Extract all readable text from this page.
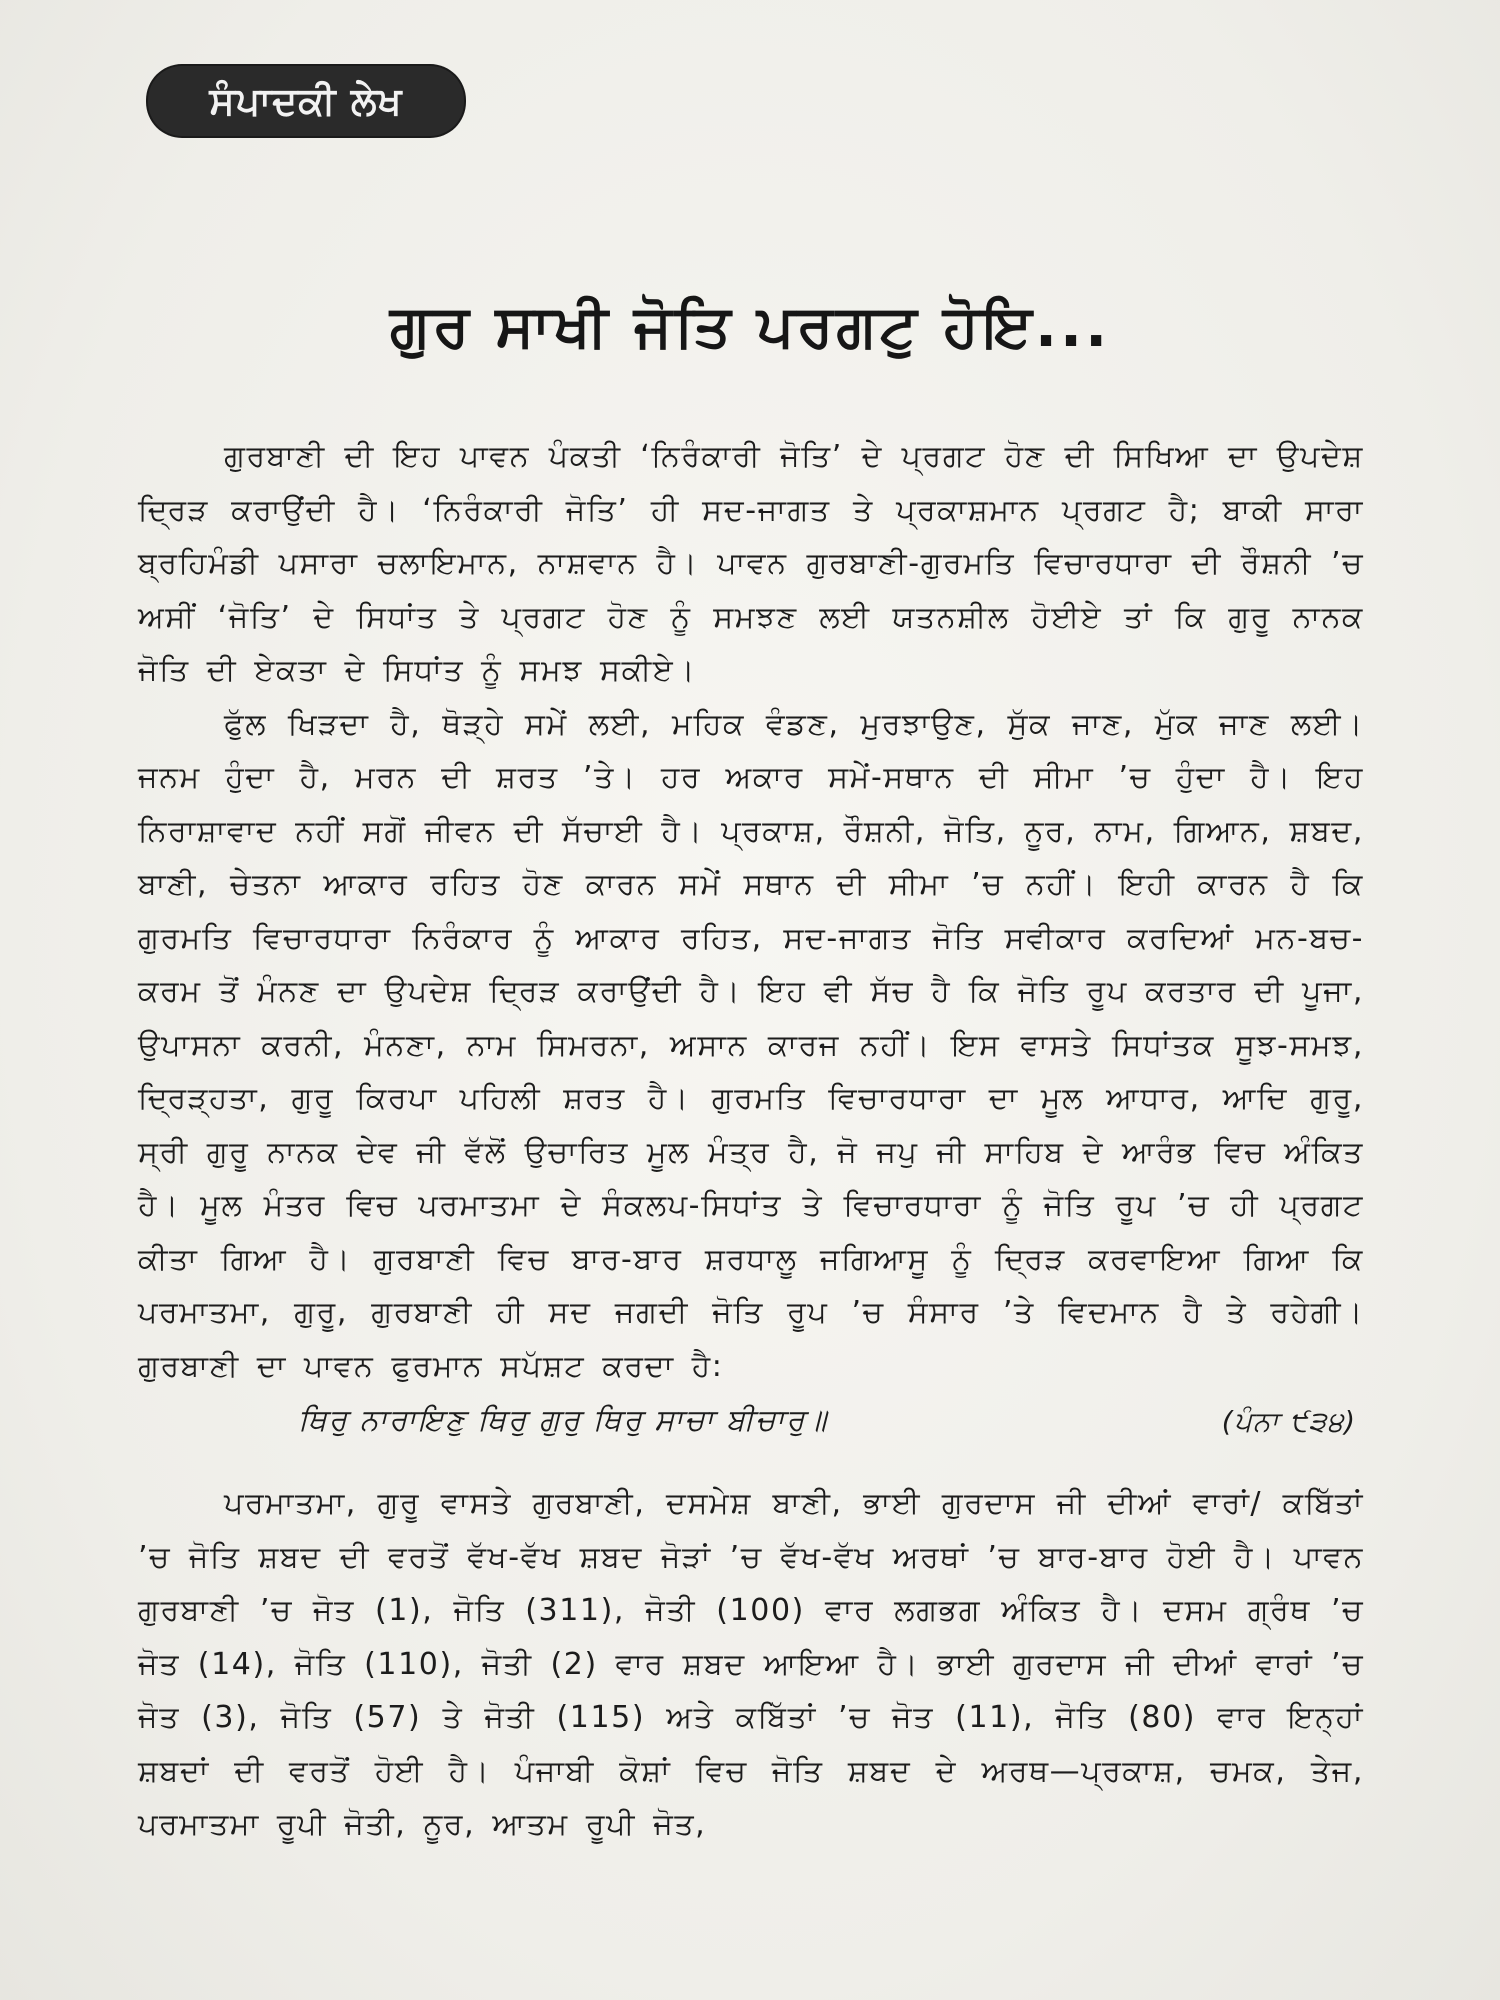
ਸੰਪਾਦਕੀ ਲੇਖ
ਗੁਰ ਸਾਖੀ ਜੋਤਿ ਪਰਗਟੁ ਹੋਇ...

ਗੁਰਬਾਣੀ ਦੀ ਇਹ ਪਾਵਨ ਪੰਕਤੀ ‘ਨਿਰੰਕਾਰੀ ਜੋਤਿ’ ਦੇ ਪ੍ਰਗਟ ਹੋਣ ਦੀ ਸਿਖਿਆ ਦਾ ਉਪਦੇਸ਼ ਦ੍ਰਿੜ ਕਰਾਉਂਦੀ ਹੈ। ‘ਨਿਰੰਕਾਰੀ ਜੋਤਿ’ ਹੀ ਸਦ-ਜਾਗਤ ਤੇ ਪ੍ਰਕਾਸ਼ਮਾਨ ਪ੍ਰਗਟ ਹੈ; ਬਾਕੀ ਸਾਰਾ ਬ੍ਰਹਿਮੰਡੀ ਪਸਾਰਾ ਚਲਾਇਮਾਨ, ਨਾਸ਼ਵਾਨ ਹੈ। ਪਾਵਨ ਗੁਰਬਾਣੀ-ਗੁਰਮਤਿ ਵਿਚਾਰਧਾਰਾ ਦੀ ਰੌਸ਼ਨੀ ’ਚ ਅਸੀਂ ‘ਜੋਤਿ’ ਦੇ ਸਿਧਾਂਤ ਤੇ ਪ੍ਰਗਟ ਹੋਣ ਨੂੰ ਸਮਝਣ ਲਈ ਯਤਨਸ਼ੀਲ ਹੋਈਏ ਤਾਂ ਕਿ ਗੁਰੂ ਨਾਨਕ ਜੋਤਿ ਦੀ ਏਕਤਾ ਦੇ ਸਿਧਾਂਤ ਨੂੰ ਸਮਝ ਸਕੀਏ।

ਫੁੱਲ ਖਿੜਦਾ ਹੈ, ਥੋੜ੍ਹੇ ਸਮੇਂ ਲਈ, ਮਹਿਕ ਵੰਡਣ, ਮੁਰਝਾਉਣ, ਸੁੱਕ ਜਾਣ, ਮੁੱਕ ਜਾਣ ਲਈ। ਜਨਮ ਹੁੰਦਾ ਹੈ, ਮਰਨ ਦੀ ਸ਼ਰਤ ’ਤੇ। ਹਰ ਅਕਾਰ ਸਮੇਂ-ਸਥਾਨ ਦੀ ਸੀਮਾ ’ਚ ਹੁੰਦਾ ਹੈ। ਇਹ ਨਿਰਾਸ਼ਾਵਾਦ ਨਹੀਂ ਸਗੋਂ ਜੀਵਨ ਦੀ ਸੱਚਾਈ ਹੈ। ਪ੍ਰਕਾਸ਼, ਰੌਸ਼ਨੀ, ਜੋਤਿ, ਨੂਰ, ਨਾਮ, ਗਿਆਨ, ਸ਼ਬਦ, ਬਾਣੀ, ਚੇਤਨਾ ਆਕਾਰ ਰਹਿਤ ਹੋਣ ਕਾਰਨ ਸਮੇਂ ਸਥਾਨ ਦੀ ਸੀਮਾ ’ਚ ਨਹੀਂ। ਇਹੀ ਕਾਰਨ ਹੈ ਕਿ ਗੁਰਮਤਿ ਵਿਚਾਰਧਾਰਾ ਨਿਰੰਕਾਰ ਨੂੰ ਆਕਾਰ ਰਹਿਤ, ਸਦ-ਜਾਗਤ ਜੋਤਿ ਸਵੀਕਾਰ ਕਰਦਿਆਂ ਮਨ-ਬਚ-ਕਰਮ ਤੋਂ ਮੰਨਣ ਦਾ ਉਪਦੇਸ਼ ਦ੍ਰਿੜ ਕਰਾਉਂਦੀ ਹੈ। ਇਹ ਵੀ ਸੱਚ ਹੈ ਕਿ ਜੋਤਿ ਰੂਪ ਕਰਤਾਰ ਦੀ ਪੂਜਾ, ਉਪਾਸਨਾ ਕਰਨੀ, ਮੰਨਣਾ, ਨਾਮ ਸਿਮਰਨਾ, ਅਸਾਨ ਕਾਰਜ ਨਹੀਂ। ਇਸ ਵਾਸਤੇ ਸਿਧਾਂਤਕ ਸੂਝ-ਸਮਝ, ਦ੍ਰਿੜ੍ਹਤਾ, ਗੁਰੂ ਕਿਰਪਾ ਪਹਿਲੀ ਸ਼ਰਤ ਹੈ। ਗੁਰਮਤਿ ਵਿਚਾਰਧਾਰਾ ਦਾ ਮੂਲ ਆਧਾਰ, ਆਦਿ ਗੁਰੂ, ਸ੍ਰੀ ਗੁਰੂ ਨਾਨਕ ਦੇਵ ਜੀ ਵੱਲੋਂ ਉਚਾਰਿਤ ਮੂਲ ਮੰਤ੍ਰ ਹੈ, ਜੋ ਜਪੁ ਜੀ ਸਾਹਿਬ ਦੇ ਆਰੰਭ ਵਿਚ ਅੰਕਿਤ ਹੈ। ਮੂਲ ਮੰਤਰ ਵਿਚ ਪਰਮਾਤਮਾ ਦੇ ਸੰਕਲਪ-ਸਿਧਾਂਤ ਤੇ ਵਿਚਾਰਧਾਰਾ ਨੂੰ ਜੋਤਿ ਰੂਪ ’ਚ ਹੀ ਪ੍ਰਗਟ ਕੀਤਾ ਗਿਆ ਹੈ। ਗੁਰਬਾਣੀ ਵਿਚ ਬਾਰ-ਬਾਰ ਸ਼ਰਧਾਲੂ ਜਗਿਆਸੂ ਨੂੰ ਦ੍ਰਿੜ ਕਰਵਾਇਆ ਗਿਆ ਕਿ ਪਰਮਾਤਮਾ, ਗੁਰੂ, ਗੁਰਬਾਣੀ ਹੀ ਸਦ ਜਗਦੀ ਜੋਤਿ ਰੂਪ ’ਚ ਸੰਸਾਰ ’ਤੇ ਵਿਦਮਾਨ ਹੈ ਤੇ ਰਹੇਗੀ। ਗੁਰਬਾਣੀ ਦਾ ਪਾਵਨ ਫੁਰਮਾਨ ਸਪੱਸ਼ਟ ਕਰਦਾ ਹੈ:

ਥਿਰੁ ਨਾਰਾਇਣੁ ਥਿਰੁ ਗੁਰੁ ਥਿਰੁ ਸਾਚਾ ਬੀਚਾਰੁ॥	(ਪੰਨਾ ੯੩੪)

ਪਰਮਾਤਮਾ, ਗੁਰੂ ਵਾਸਤੇ ਗੁਰਬਾਣੀ, ਦਸਮੇਸ਼ ਬਾਣੀ, ਭਾਈ ਗੁਰਦਾਸ ਜੀ ਦੀਆਂ ਵਾਰਾਂ/ ਕਬਿੱਤਾਂ ’ਚ ਜੋਤਿ ਸ਼ਬਦ ਦੀ ਵਰਤੋਂ ਵੱਖ-ਵੱਖ ਸ਼ਬਦ ਜੋੜਾਂ ’ਚ ਵੱਖ-ਵੱਖ ਅਰਥਾਂ ’ਚ ਬਾਰ-ਬਾਰ ਹੋਈ ਹੈ। ਪਾਵਨ ਗੁਰਬਾਣੀ ’ਚ ਜੋਤ (1), ਜੋਤਿ (311), ਜੋਤੀ (100) ਵਾਰ ਲਗਭਗ ਅੰਕਿਤ ਹੈ। ਦਸਮ ਗ੍ਰੰਥ ’ਚ ਜੋਤ (14), ਜੋਤਿ (110), ਜੋਤੀ (2) ਵਾਰ ਸ਼ਬਦ ਆਇਆ ਹੈ। ਭਾਈ ਗੁਰਦਾਸ ਜੀ ਦੀਆਂ ਵਾਰਾਂ ’ਚ ਜੋਤ (3), ਜੋਤਿ (57) ਤੇ ਜੋਤੀ (115) ਅਤੇ ਕਬਿੱਤਾਂ ’ਚ ਜੋਤ (11), ਜੋਤਿ (80) ਵਾਰ ਇਨ੍ਹਾਂ ਸ਼ਬਦਾਂ ਦੀ ਵਰਤੋਂ ਹੋਈ ਹੈ। ਪੰਜਾਬੀ ਕੋਸ਼ਾਂ ਵਿਚ ਜੋਤਿ ਸ਼ਬਦ ਦੇ ਅਰਥ—ਪ੍ਰਕਾਸ਼, ਚਮਕ, ਤੇਜ, ਪਰਮਾਤਮਾ ਰੂਪੀ ਜੋਤੀ, ਨੂਰ, ਆਤਮ ਰੂਪੀ ਜੋਤ,
